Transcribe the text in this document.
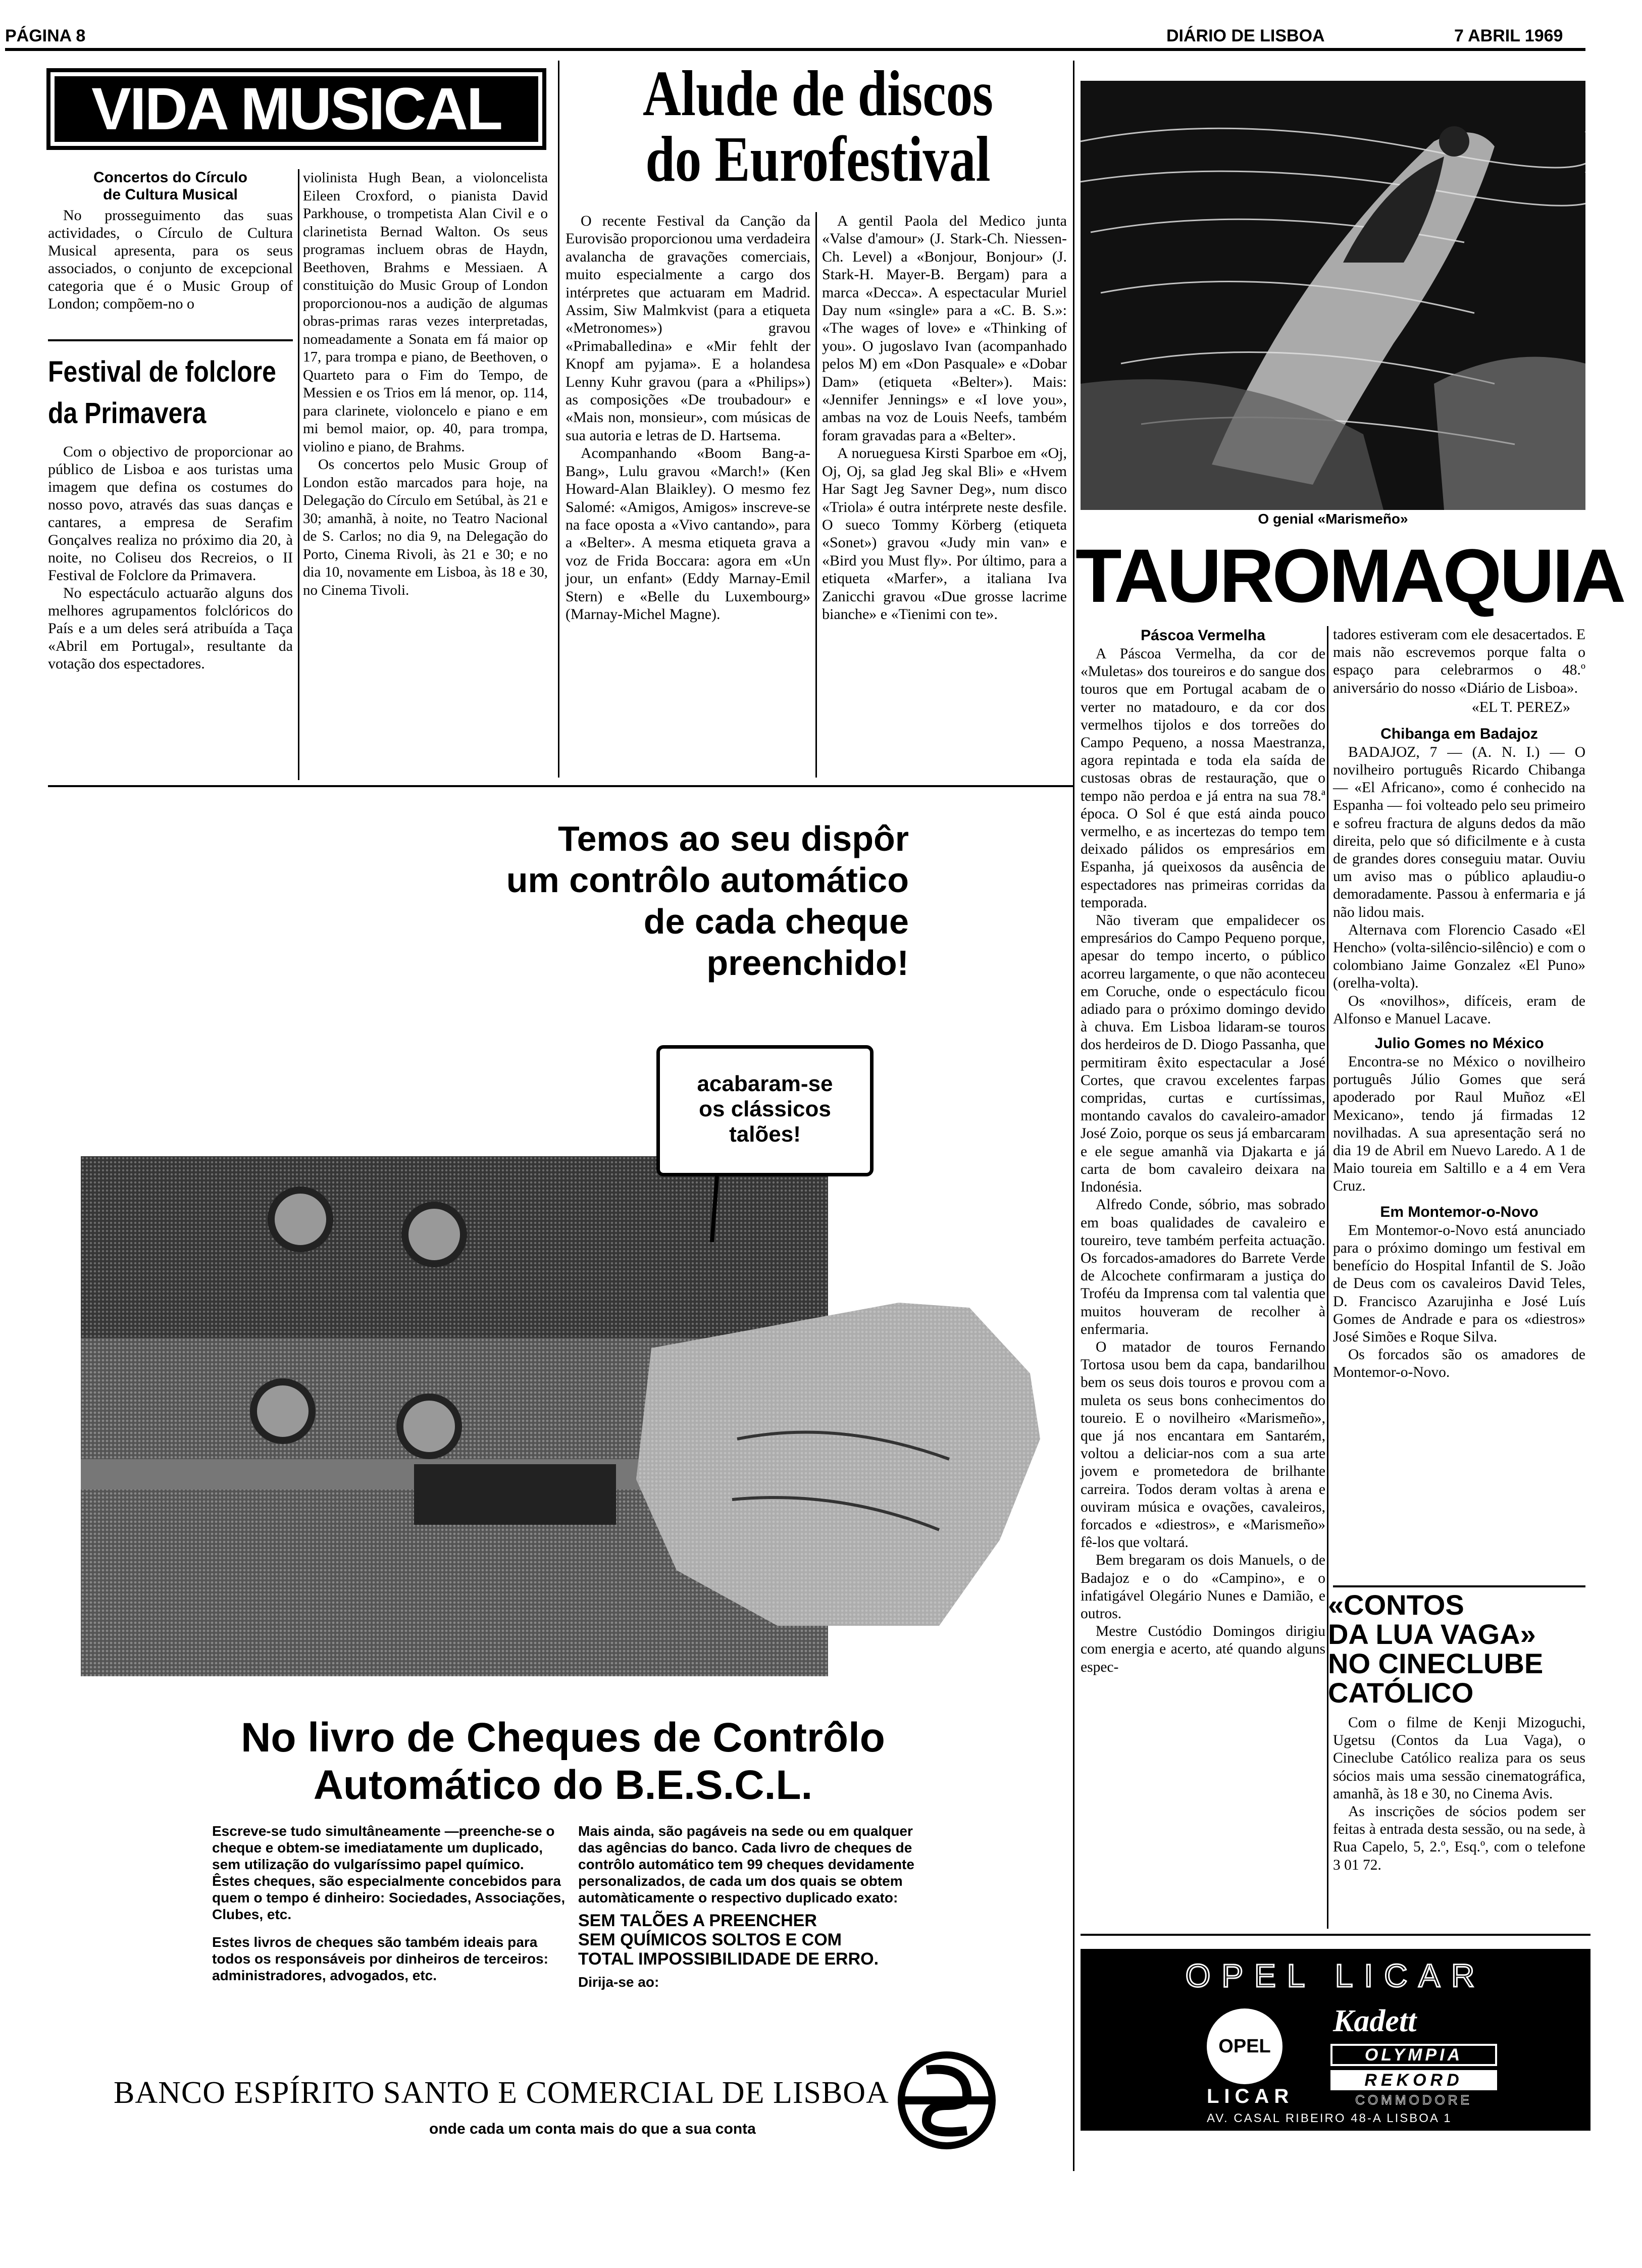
PÁGINA 8	DIÁRIO DE LISBOA	7 ABRIL 1969
VIDA MUSICAL
Concertos do Círculo
de Cultura Musical
No prosseguimento das suas actividades, o Círculo de Cultura Musical apresenta, para os seus associados, o conjunto de excepcional categoria que é o Music Group of London; compõem-no o
violinista Hugh Bean, a violoncelista Eileen Croxford, o pianista David Parkhouse, o trompetista Alan Civil e o clarinetista Bernad Walton. Os seus programas incluem obras de Haydn, Beethoven, Brahms e Messiaen. A constituição do Music Group of London proporcionou-nos a audição de algumas obras-primas raras vezes interpretadas, nomeadamente a Sonata em fá maior op 17, para trompa e piano, de Beethoven, o Quarteto para o Fim do Tempo, de Messien e os Trios em lá menor, op. 114, para clarinete, violoncelo e piano e em mi bemol maior, op. 40, para trompa, violino e piano, de Brahms.
Os concertos pelo Music Group of London estão marcados para hoje, na Delegação do Círculo em Setúbal, às 21 e 30; amanhã, à noite, no Teatro Nacional de S. Carlos; no dia 9, na Delegação do Porto, Cinema Rivoli, às 21 e 30; e no dia 10, novamente em Lisboa, às 18 e 30, no Cinema Tivoli.
Festival de folclore
da Primavera
Com o objectivo de proporcionar ao público de Lisboa e aos turistas uma imagem que defina os costumes do nosso povo, através das suas danças e cantares, a empresa de Serafim Gonçalves realiza no próximo dia 20, à noite, no Coliseu dos Recreios, o II Festival de Folclore da Primavera.
No espectáculo actuarão alguns dos melhores agrupamentos folclóricos do País e a um deles será atribuída a Taça «Abril em Portugal», resultante da votação dos espectadores.
Alude de discos
do Eurofestival
O recente Festival da Canção da Eurovisão proporcionou uma verdadeira avalancha de gravações comerciais, muito especialmente a cargo dos intérpretes que actuaram em Madrid. Assim, Siw Malmkvist (para a etiqueta «Metronomes») gravou «Primaballedina» e «Mir fehlt der Knopf am pyjama». E a holandesa Lenny Kuhr gravou (para a «Philips») as composições «De troubadour» e «Mais non, monsieur», com músicas de sua autoria e letras de D. Hartsema.
Acompanhando «Boom Bang-a-Bang», Lulu gravou «March!» (Ken Howard-Alan Blaikley). O mesmo fez Salomé: «Amigos, Amigos» inscreve-se na face oposta a «Vivo cantando», para a «Belter». A mesma etiqueta grava a voz de Frida Boccara: agora em «Un jour, un enfant» (Eddy Marnay-Emil Stern) e «Belle du Luxembourg» (Marnay-Michel Magne).
A gentil Paola del Medico junta «Valse d'amour» (J. Stark-Ch. Niessen-Ch. Level) a «Bonjour, Bonjour» (J. Stark-H. Mayer-B. Bergam) para a marca «Decca». A espectacular Muriel Day num «single» para a «C. B. S.»: «The wages of love» e «Thinking of you». O jugoslavo Ivan (acompanhado pelos M) em «Don Pasquale» e «Dobar Dam» (etiqueta «Belter»). Mais: «Jennifer Jennings» e «I love you», ambas na voz de Louis Neefs, também foram gravadas para a «Belter».
A norueguesa Kirsti Sparboe em «Oj, Oj, Oj, sa glad Jeg skal Bli» e «Hvem Har Sagt Jeg Savner Deg», num disco «Triola» é outra intérprete neste desfile. O sueco Tommy Körberg (etiqueta «Sonet») gravou «Judy min van» e «Bird you Must fly». Por último, para a etiqueta «Marfer», a italiana Iva Zanicchi gravou «Due grosse lacrime bianche» e «Tienimi con te».
Temos ao seu dispôr
um contrôlo automático
de cada cheque
preenchido!
acabaram-se
os clássicos
talões!
No livro de Cheques de Contrôlo
Automático do B.E.S.C.L.
Escreve-se tudo simultâneamente —preenche-se o cheque e obtem-se imediatamente um duplicado, sem utilização do vulgaríssimo papel químico. Êstes cheques, são especialmente concebidos para quem o tempo é dinheiro: Sociedades, Associações, Clubes, etc.
Estes livros de cheques são também ideais para todos os responsáveis por dinheiros de terceiros: administradores, advogados, etc.
Mais ainda, são pagáveis na sede ou em qualquer das agências do banco. Cada livro de cheques de contrôlo automático tem 99 cheques devidamente personalizados, de cada um dos quais se obtem automàticamente o respectivo duplicado exato:
SEM TALÕES A PREENCHER
SEM QUÍMICOS SOLTOS E COM
TOTAL IMPOSSIBILIDADE DE ERRO.
Dirija-se ao:
BANCO ESPÍRITO SANTO E COMERCIAL DE LISBOA
onde cada um conta mais do que a sua conta
O genial «Marismeño»
TAUROMAQUIA
Páscoa Vermelha
A Páscoa Vermelha, da cor de «Muletas» dos toureiros e do sangue dos touros que em Portugal acabam de o verter no matadouro, e da cor dos vermelhos tijolos e dos torreões do Campo Pequeno, a nossa Maestranza, agora repintada e toda ela saída de custosas obras de restauração, que o tempo não perdoa e já entra na sua 78.ª época. O Sol é que está ainda pouco vermelho, e as incertezas do tempo tem deixado pálidos os empresários em Espanha, já queixosos da ausência de espectadores nas primeiras corridas da temporada.
Não tiveram que empalidecer os empresários do Campo Pequeno porque, apesar do tempo incerto, o público acorreu largamente, o que não aconteceu em Coruche, onde o espectáculo ficou adiado para o próximo domingo devido à chuva. Em Lisboa lidaram-se touros dos herdeiros de D. Diogo Passanha, que permitiram êxito espectacular a José Cortes, que cravou excelentes farpas compridas, curtas e curtíssimas, montando cavalos do cavaleiro-amador José Zoio, porque os seus já embarcaram e ele segue amanhã via Djakarta e já carta de bom cavaleiro deixara na Indonésia.
Alfredo Conde, sóbrio, mas sobrado em boas qualidades de cavaleiro e toureiro, teve também perfeita actuação. Os forcados-amadores do Barrete Verde de Alcochete confirmaram a justiça do Troféu da Imprensa com tal valentia que muitos houveram de recolher à enfermaria.
O matador de touros Fernando Tortosa usou bem da capa, bandarilhou bem os seus dois touros e provou com a muleta os seus bons conhecimentos do toureio. E o novilheiro «Marismeño», que já nos encantara em Santarém, voltou a deliciar-nos com a sua arte jovem e prometedora de brilhante carreira. Todos deram voltas à arena e ouviram música e ovações, cavaleiros, forcados e «diestros», e «Marismeño» fê-los que voltará.
Bem bregaram os dois Manuels, o de Badajoz e o do «Campino», e o infatigável Olegário Nunes e Damião, e outros.
Mestre Custódio Domingos dirigiu com energia e acerto, até quando alguns espec-
tadores estiveram com ele desacertados. E mais não escrevemos porque falta o espaço para celebrarmos o 48.º aniversário do nosso «Diário de Lisboa».
«EL T. PEREZ»
Chibanga em Badajoz
BADAJOZ, 7 — (A. N. I.) — O novilheiro português Ricardo Chibanga — «El Africano», como é conhecido na Espanha — foi volteado pelo seu primeiro e sofreu fractura de alguns dedos da mão direita, pelo que só dificilmente e à custa de grandes dores conseguiu matar. Ouviu um aviso mas o público aplaudiu-o demoradamente. Passou à enfermaria e já não lidou mais.
Alternava com Florencio Casado «El Hencho» (volta-silêncio-silêncio) e com o colombiano Jaime Gonzalez «El Puno» (orelha-volta).
Os «novilhos», difíceis, eram de Alfonso e Manuel Lacave.
Julio Gomes no México
Encontra-se no México o novilheiro português Júlio Gomes que será apoderado por Raul Muñoz «El Mexicano», tendo já firmadas 12 novilhadas. A sua apresentação será no dia 19 de Abril em Nuevo Laredo. A 1 de Maio toureia em Saltillo e a 4 em Vera Cruz.
Em Montemor-o-Novo
Em Montemor-o-Novo está anunciado para o próximo domingo um festival em benefício do Hospital Infantil de S. João de Deus com os cavaleiros David Teles, D. Francisco Azarujinha e José Luís Gomes de Andrade e para os «diestros» José Simões e Roque Silva.
Os forcados são os amadores de Montemor-o-Novo.
«CONTOS
DA LUA VAGA»
NO CINECLUBE
CATÓLICO
Com o filme de Kenji Mizoguchi, Ugetsu (Contos da Lua Vaga), o Cineclube Católico realiza para os seus sócios mais uma sessão cinematográfica, amanhã, às 18 e 30, no Cinema Avis.
As inscrições de sócios podem ser feitas à entrada desta sessão, ou na sede, à Rua Capelo, 5, 2.º, Esq.º, com o telefone 3 01 72.
OPEL LICAR
OPEL
Kadett
OLYMPIA
REKORD
COMMODORE
LICAR
AV. CASAL RIBEIRO 48-A LISBOA 1
